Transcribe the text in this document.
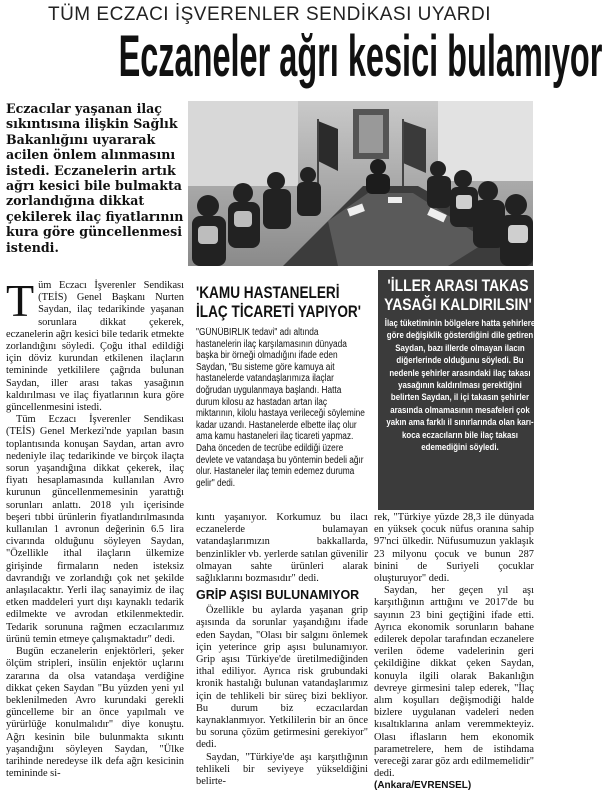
TÜM ECZACI İŞVERENLER SENDİKASI UYARDI
Eczaneler ağrı kesici bulamıyor

Eczacılar yaşanan ilaç sıkıntısına ilişkin Sağlık Bakanlığını uyararak acilen önlem alınmasını istedi. Eczanelerin artık ağrı kesici bile bulmakta zorlandığına dikkat çekilerek ilaç fiyatlarının kura göre güncellenmesi istendi.

T üm Eczacı İşverenler Sendikası (TEİS) Genel Başkanı Nurten Saydan, ilaç tedarikinde yaşanan sorunlara dikkat çekerek, eczanelerin ağrı kesici bile tedarik etmekte zorlandığını söyledi. Çoğu ithal edildiği için döviz kurundan etkilenen ilaçların temininde yetkililere çağrıda bulunan Saydan, iller arası takas yasağının kaldırılması ve ilaç fiyatlarının kura göre güncellenmesini istedi.

Tüm Eczacı İşverenler Sendikası (TEİS) Genel Merkezi'nde yapılan basın toplantısında konuşan Saydan, artan avro nedeniyle ilaç tedarikinde ve birçok ilaçta sorun yaşandığına dikkat çekerek, ilaç fiyatı hesaplamasında kullanılan Avro kurunun güncellenmemesinin yarattığı sorunları anlattı. 2018 yılı içerisinde beşeri tıbbi ürünlerin fiyatlandırılmasında kullanılan 1 avronun değerinin 6.5 lira civarında olduğunu söyleyen Saydan, "Özellikle ithal ilaçların ülkemize girişinde firmaların neden isteksiz davrandığı ve zorlandığı çok net şekilde anlaşılacaktır. Yerli ilaç sanayimiz de ilaç etken maddeleri yurt dışı kaynaklı tedarik edilmekte ve avrodan etkilenmektedir. Tedarik sorununa rağmen eczacılarımız ürünü temin etmeye çalışmaktadır" dedi.

Bugün eczanelerin enjektörleri, şeker ölçüm stripleri, insülin enjektör uçlarını zararına da olsa vatandaşa verdiğine dikkat çeken Saydan "Bu yüzden yeni yıl beklenilmeden Avro kurundaki gerekli güncelleme bir an önce yapılmalı ve yürürlüğe konulmalıdır" diye konuştu. Ağrı kesinin bile bulunmakta sıkıntı yaşandığını söyleyen Saydan, "Ülke tarihinde neredeyse ilk defa ağrı kesicinin temininde si-

'KAMU HASTANELERİ İLAÇ TİCARETİ YAPIYOR'
"GÜNÜBİRLİK tedavi" adı altında hastanelerin ilaç karşılamasının dünyada başka bir örneği olmadığını ifade eden Saydan, "Bu sisteme göre kamuya ait hastanelerde vatandaşlarımıza ilaçlar doğrudan uygulanmaya başlandı. Hatta durum kilosu az hastadan artan ilaç miktarının, kilolu hastaya verileceği söylemine kadar uzandı. Hastanelerde elbette ilaç olur ama kamu hastaneleri ilaç ticareti yapmaz. Daha önceden de tecrübe edildiği üzere devlete ve vatandaşa bu yöntemin bedeli ağır olur. Hastaneler ilaç temin edemez duruma gelir" dedi.
'İLLER ARASI TAKAS YASAĞI KALDIRILSIN'
İlaç tüketiminin bölgelere hatta şehirlere göre değişiklik gösterdiğini dile getiren Saydan, bazı illerde olmayan ilacın diğerlerinde olduğunu söyledi. Bu nedenle şehirler arasındaki ilaç takası yasağının kaldırılması gerektiğini belirten Saydan, il içi takasın şehirler arasında olmamasının mesafeleri çok yakın ama farklı il sınırlarında olan karı-koca eczacıların bile ilaç takası edemediğini söyledi.

kıntı yaşanıyor. Korkumuz bu ilacı eczanelerde bulamayan vatandaşlarımızın bakkallarda, benzinlikler vb. yerlerde satılan güvenilir olmayan sahte ürünleri alarak sağlıklarını bozmasıdır" dedi.

GRİP AŞISI BULUNAMIYOR

Özellikle bu aylarda yaşanan grip aşısında da sorunlar yaşandığını ifade eden Saydan, "Olası bir salgını önlemek için yeterince grip aşısı bulunamıyor. Grip aşısı Türkiye'de üretilmediğinden ithal ediliyor. Ayrıca risk grubundaki kronik hastalığı bulunan vatandaşlarımız için de tehlikeli bir süreç bizi bekliyor. Bu durum biz eczacılardan kaynaklanmıyor. Yetkililerin bir an önce bu soruna çözüm getirmesini gerekiyor" dedi.

Saydan, "Türkiye'de aşı karşıtlığının tehlikeli bir seviyeye yükseldiğini belirte-

rek, "Türkiye yüzde 28,3 ile dünyada en yüksek çocuk nüfus oranına sahip 97'nci ülkedir. Nüfusumuzun yaklaşık 23 milyonu çocuk ve bunun 287 binini de Suriyeli çocuklar oluşturuyor" dedi.

Saydan, her geçen yıl aşı karşıtlığının arttığını ve 2017'de bu sayının 23 bini geçtiğini ifade etti. Ayrıca ekonomik sorunların bahane edilerek depolar tarafından eczanelere verilen ödeme vadelerinin geri çekildiğine dikkat çeken Saydan, konuyla ilgili olarak Bakanlığın devreye girmesini talep ederek, "İlaç alım koşulları değişmodiği halde bizlere uygulanan vadeleri neden kısaltıklarına anlam veremmekteyiz. Olası iflasların hem ekonomik parametrelere, hem de istihdama vereceği zarar göz ardı edilmemelidir" dedi.

(Ankara/EVRENSEL)
